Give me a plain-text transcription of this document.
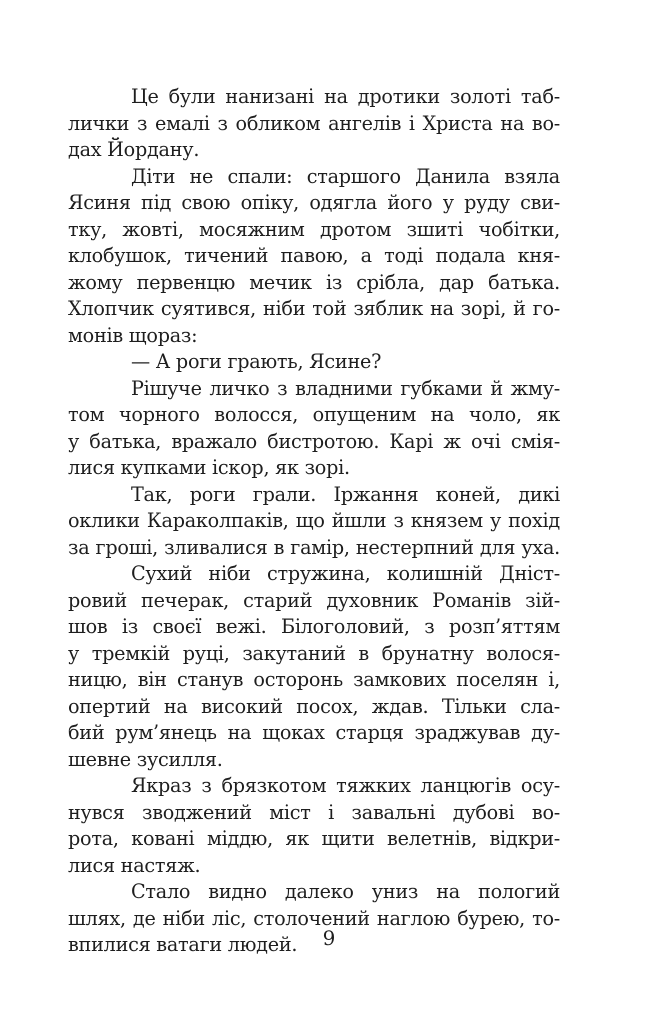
Це були нанизані на дротики золоті таб-
лички з емалі з обликом ангелів і Христа на во-
дах Йордану.
Діти не спали: старшого Данила взяла
Ясиня під свою опіку, одягла його у руду сви-
тку, жовті, мосяжним дротом зшиті чобітки,
клобушок, тичений павою, а тоді подала кня-
жому первенцю мечик із срібла, дар батька.
Хлопчик суятився, ніби той зяблик на зорі, й го-
монів щораз:
— А роги грають, Ясине?
Рішуче личко з владними губками й жму-
том чорного волосся, опущеним на чоло, як
у батька, вражало бистротою. Карі ж очі смія-
лися купками іскор, як зорі.
Так, роги грали. Іржання коней, дикі
оклики Караколпаків, що йшли з князем у похід
за гроші, зливалися в гамір, нестерпний для уха.
Сухий ніби стружина, колишній Дніст-
ровий печерак, старий духовник Романів зій-
шов із своєї вежі. Білоголовий, з розп’яттям
у тремкій руці, закутаний в брунатну волося-
ницю, він станув осторонь замкових поселян і,
опертий на високий посох, ждав. Тільки сла-
бий рум’янець на щоках старця зраджував ду-
шевне зусилля.
Якраз з брязкотом тяжких ланцюгів осу-
нувся зводжений міст і завальні дубові во-
рота, ковані міддю, як щити велетнів, відкри-
лися настяж.
Стало видно далеко униз на пологий
шлях, де ніби ліс, столочений наглою бурею, то-
впилися ватаги людей.	9
